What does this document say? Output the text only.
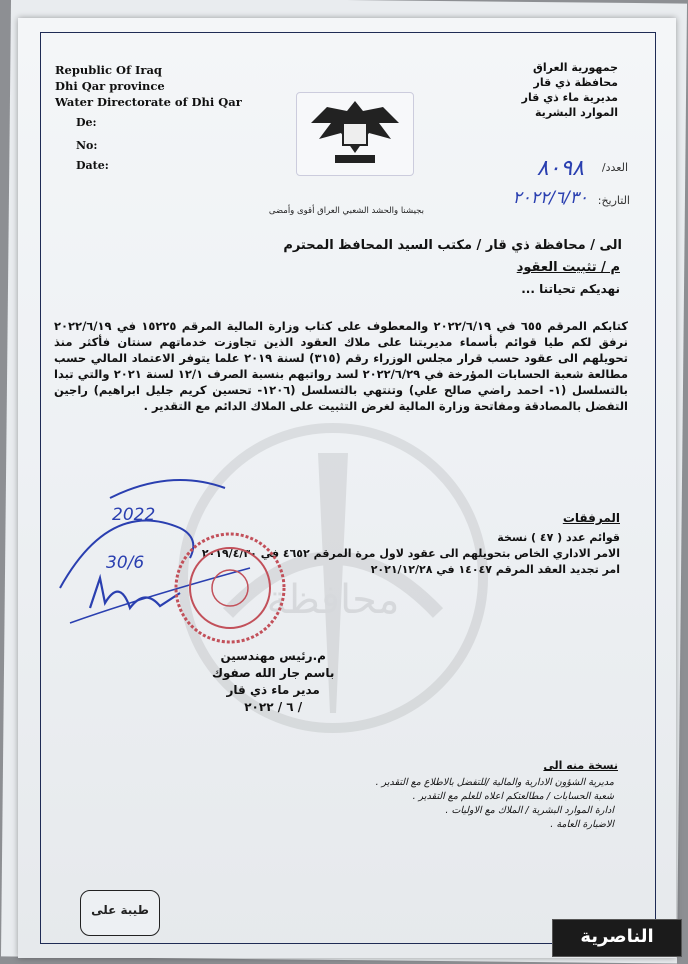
محافظة
Republic Of Iraq
Dhi Qar province
Water Directorate of Dhi Qar
جمهورية العراق
محافظة ذي قار
مديرية ماء ذي قار
الموارد البشرية
De:
No:
Date:	العدد/
٨٠٩٨
التاريخ:
٢٠٢٢/٦/٣٠
بجيشنا والحشد الشعبي العراق أقوى وأمضى
الى / محافظة ذي قار / مكتب السيد المحافظ المحترم
م / تثبيت العقود
نهديكم تحياتنا ...
كتابكم المرقم ٦٥٥ في ٢٠٢٢/٦/١٩ والمعطوف على كتاب وزارة المالية المرقم ١٥٢٢٥ في ٢٠٢٢/٦/١٩ نرفق لكم طيا قوائم بأسماء مديريتنا على ملاك العقود الذين تجاوزت خدماتهم سنتان فأكثر منذ تحويلهم الى عقود حسب قرار مجلس الوزراء رقم (٣١٥) لسنة ٢٠١٩ علما يتوفر الاعتماد المالي حسب مطالعة شعبة الحسابات المؤرخة في ٢٠٢٢/٦/٢٩ لسد رواتبهم بنسبة الصرف ١٢/١ لسنة ٢٠٢١ والتي تبدا بالتسلسل (١- احمد راضي صالح علي) وتنتهي بالتسلسل (١٢٠٦- تحسين كريم جليل ابراهيم) راجين التفضل بالمصادقة ومفاتحة وزارة المالية لغرض التثبيت على الملاك الدائم مع التقدير .
المرفقات
قوائم عدد ( ٤٧ ) نسخة
الامر الاداري الخاص بتحويلهم الى عقود لاول مرة المرقم ٤٦٥٢ في ٢٠١٩/٤/٣٠
امر تجديد العقد المرقم ١٤٠٤٧ في ٢٠٢١/١٢/٢٨
2022
30/6
م.رئيس مهندسين
باسم جار الله صفوك
مدير ماء ذي قار
/ ٦ / ٢٠٢٢
نسخة منه الى
مديرية الشؤون الادارية والمالية /للتفضل بالاطلاع مع التقدير .
شعبة الحسابات / مطالعتكم اعلاه للعلم مع التقدير .
ادارة الموارد البشرية / الملاك مع الاوليات .
الاضبارة العامة .
طيبة على
الناصرية
